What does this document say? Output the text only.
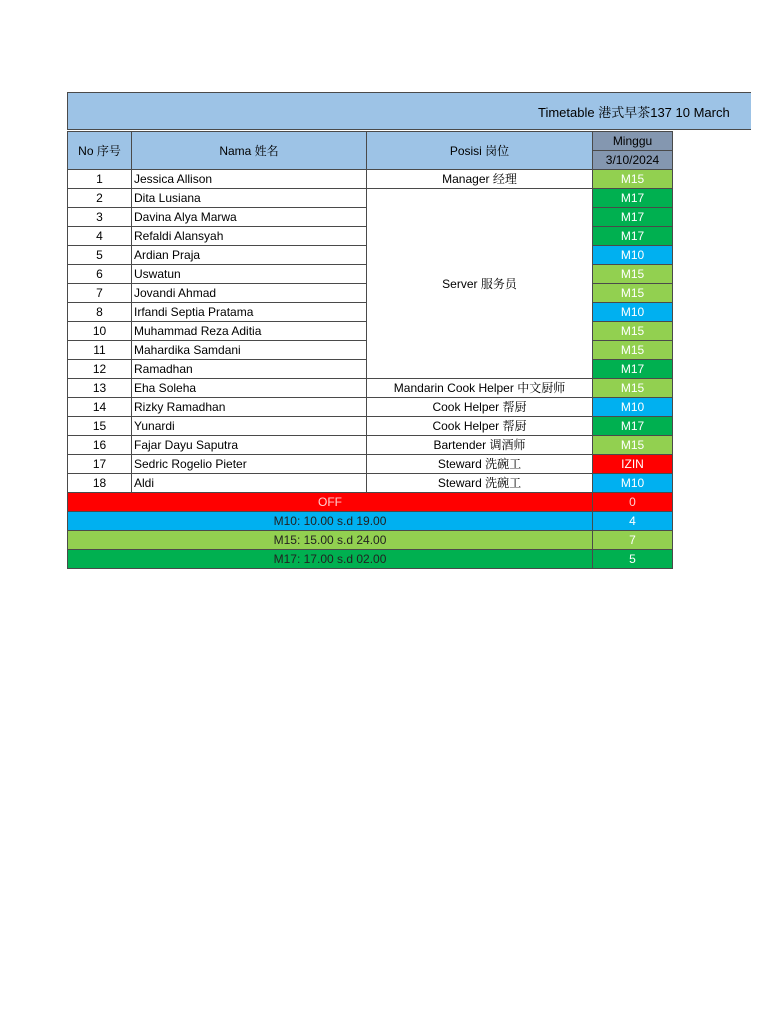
Timetable 港式早茶137 10 March
No 序号	Nama 姓名	Posisi 岗位	Minggu
			3/10/2024
1	Jessica Allison	Manager 经理	M15
2	Dita Lusiana	Server 服务员	M17
3	Davina Alya Marwa		M17
4	Refaldi Alansyah		M17
5	Ardian Praja		M10
6	Uswatun		M15
7	Jovandi Ahmad		M15
8	Irfandi Septia Pratama		M10
10	Muhammad Reza Aditia		M15
11	Mahardika Samdani		M15
12	Ramadhan		M17
13	Eha Soleha	Mandarin Cook Helper 中文厨师	M15
14	Rizky Ramadhan	Cook Helper 帮厨	M10
15	Yunardi	Cook Helper 帮厨	M17
16	Fajar Dayu Saputra	Bartender 调酒师	M15
17	Sedric Rogelio Pieter	Steward 洗碗工	IZIN
18	Aldi	Steward 洗碗工	M10
OFF			0
M10: 10.00 s.d 19.00			4
M15: 15.00 s.d 24.00			7
M17: 17.00 s.d 02.00			5
